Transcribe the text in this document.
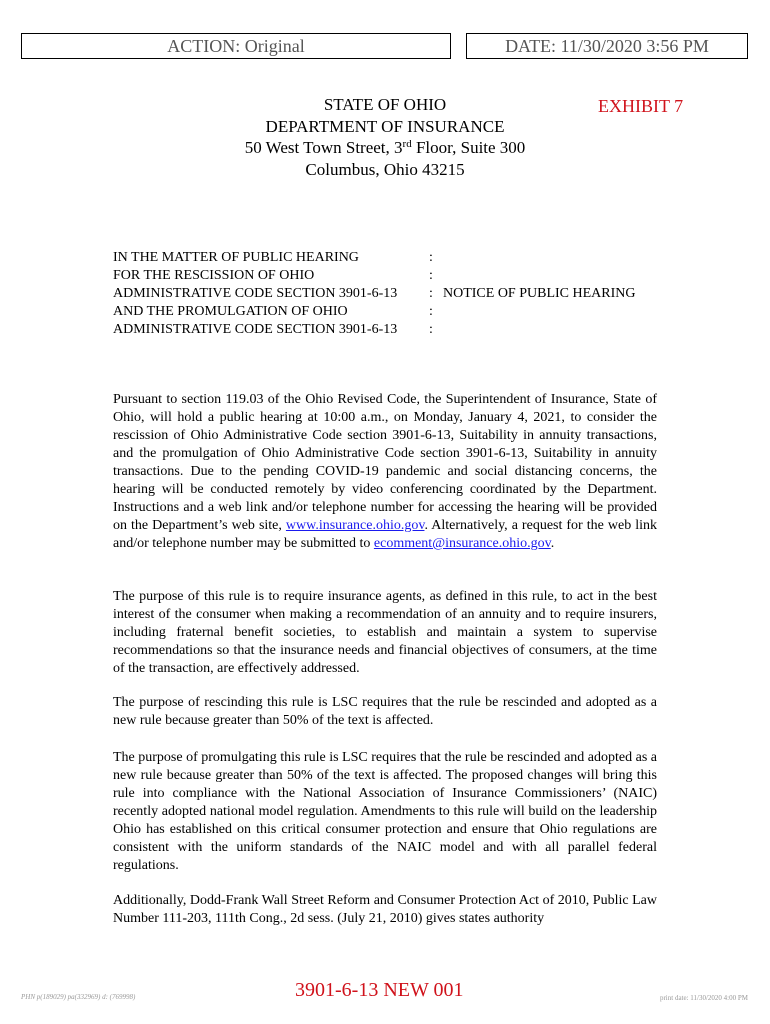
ACTION: Original	DATE: 11/30/2020 3:56 PM
STATE OF OHIO
DEPARTMENT OF INSURANCE
50 West Town Street, 3rd Floor, Suite 300
Columbus, Ohio 43215
EXHIBIT 7
IN THE MATTER OF PUBLIC HEARING	:
FOR THE RESCISSION OF OHIO	:
ADMINISTRATIVE CODE SECTION 3901-6-13 : NOTICE OF PUBLIC HEARING
AND THE PROMULGATION OF OHIO	:
ADMINISTRATIVE CODE SECTION 3901-6-13 :
Pursuant to section 119.03 of the Ohio Revised Code, the Superintendent of Insurance, State of Ohio, will hold a public hearing at 10:00 a.m., on Monday, January 4, 2021, to consider the rescission of Ohio Administrative Code section 3901-6-13, Suitability in annuity transactions, and the promulgation of Ohio Administrative Code section 3901-6-13, Suitability in annuity transactions. Due to the pending COVID-19 pandemic and social distancing concerns, the hearing will be conducted remotely by video conferencing coordinated by the Department. Instructions and a web link and/or telephone number for accessing the hearing will be provided on the Department’s web site, www.insurance.ohio.gov. Alternatively, a request for the web link and/or telephone number may be submitted to ecomment@insurance.ohio.gov.
The purpose of this rule is to require insurance agents, as defined in this rule, to act in the best interest of the consumer when making a recommendation of an annuity and to require insurers, including fraternal benefit societies, to establish and maintain a system to supervise recommendations so that the insurance needs and financial objectives of consumers, at the time of the transaction, are effectively addressed.
The purpose of rescinding this rule is LSC requires that the rule be rescinded and adopted as a new rule because greater than 50% of the text is affected.
The purpose of promulgating this rule is LSC requires that the rule be rescinded and adopted as a new rule because greater than 50% of the text is affected. The proposed changes will bring this rule into compliance with the National Association of Insurance Commissioners’ (NAIC) recently adopted national model regulation. Amendments to this rule will build on the leadership Ohio has established on this critical consumer protection and ensure that Ohio regulations are consistent with the uniform standards of the NAIC model and with all parallel federal regulations.
Additionally, Dodd-Frank Wall Street Reform and Consumer Protection Act of 2010, Public Law Number 111-203, 111th Cong., 2d sess. (July 21, 2010) gives states authority
PHN p(189029) pa(332969) d: (769998)	3901-6-13 NEW 001	print date: 11/30/2020 4:00 PM
